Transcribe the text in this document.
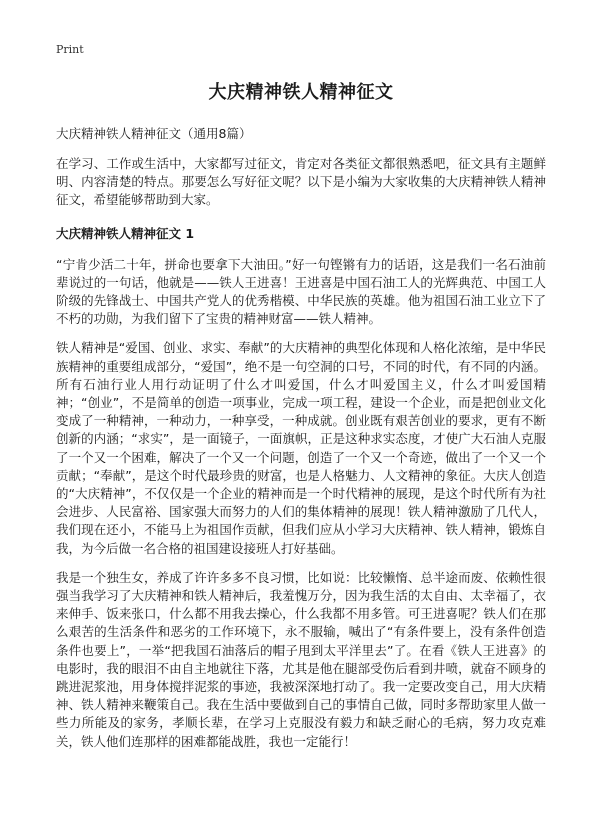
Print
大庆精神铁人精神征文
大庆精神铁人精神征文（通用8篇）

在学习、工作或生活中，大家都写过征文，肯定对各类征文都很熟悉吧，征文具有主题鲜明、内容清楚的特点。那要怎么写好征文呢？以下是小编为大家收集的大庆精神铁人精神征文，希望能够帮助到大家。

大庆精神铁人精神征文 1

“宁肯少活二十年，拼命也要拿下大油田。”好一句铿锵有力的话语，这是我们一名石油前辈说过的一句话，他就是——铁人王进喜！王进喜是中国石油工人的光辉典范、中国工人阶级的先锋战士、中国共产党人的优秀楷模、中华民族的英雄。他为祖国石油工业立下了不朽的功勋，为我们留下了宝贵的精神财富——铁人精神。

铁人精神是“爱国、创业、求实、奉献”的大庆精神的典型化体现和人格化浓缩，是中华民族精神的重要组成部分，“爱国”，绝不是一句空洞的口号，不同的时代，有不同的内涵。所有石油行业人用行动证明了什么才叫爱国，什么才叫爱国主义，什么才叫爱国精神；“创业”，不是简单的创造一项事业，完成一项工程，建设一个企业，而是把创业文化变成了一种精神，一种动力，一种享受，一种成就。创业既有艰苦创业的要求，更有不断创新的内涵；“求实”，是一面镜子，一面旗帜，正是这种求实态度，才使广大石油人克服了一个又一个困难，解决了一个又一个问题，创造了一个又一个奇迹，做出了一个又一个贡献；“奉献”，是这个时代最珍贵的财富，也是人格魅力、人文精神的象征。大庆人创造的“大庆精神”，不仅仅是一个企业的精神而是一个时代精神的展现，是这个时代所有为社会进步、人民富裕、国家强大而努力的人们的集体精神的展现！铁人精神激励了几代人，我们现在还小，不能马上为祖国作贡献，但我们应从小学习大庆精神、铁人精神，锻炼自我，为今后做一名合格的祖国建设接班人打好基础。

我是一个独生女，养成了许许多多不良习惯，比如说：比较懒惰、总半途而废、依赖性很强当我学习了大庆精神和铁人精神后，我羞愧万分，因为我生活的太自由、太幸福了，衣来伸手、饭来张口，什么都不用我去操心，什么我都不用多管。可王进喜呢？铁人们在那么艰苦的生活条件和恶劣的工作环境下，永不服输，喊出了“有条件要上，没有条件创造条件也要上”，一举“把我国石油落后的帽子甩到太平洋里去”了。在看《铁人王进喜》的电影时，我的眼泪不由自主地就往下落，尤其是他在腿部受伤后看到井喷，就奋不顾身的跳进泥浆池，用身体搅拌泥浆的事迹，我被深深地打动了。我一定要改变自己，用大庆精神、铁人精神来鞭策自己。我在生活中要做到自己的事情自己做，同时多帮助家里人做一些力所能及的家务，孝顺长辈，在学习上克服没有毅力和缺乏耐心的毛病，努力攻克难关，铁人他们连那样的困难都能战胜，我也一定能行！
